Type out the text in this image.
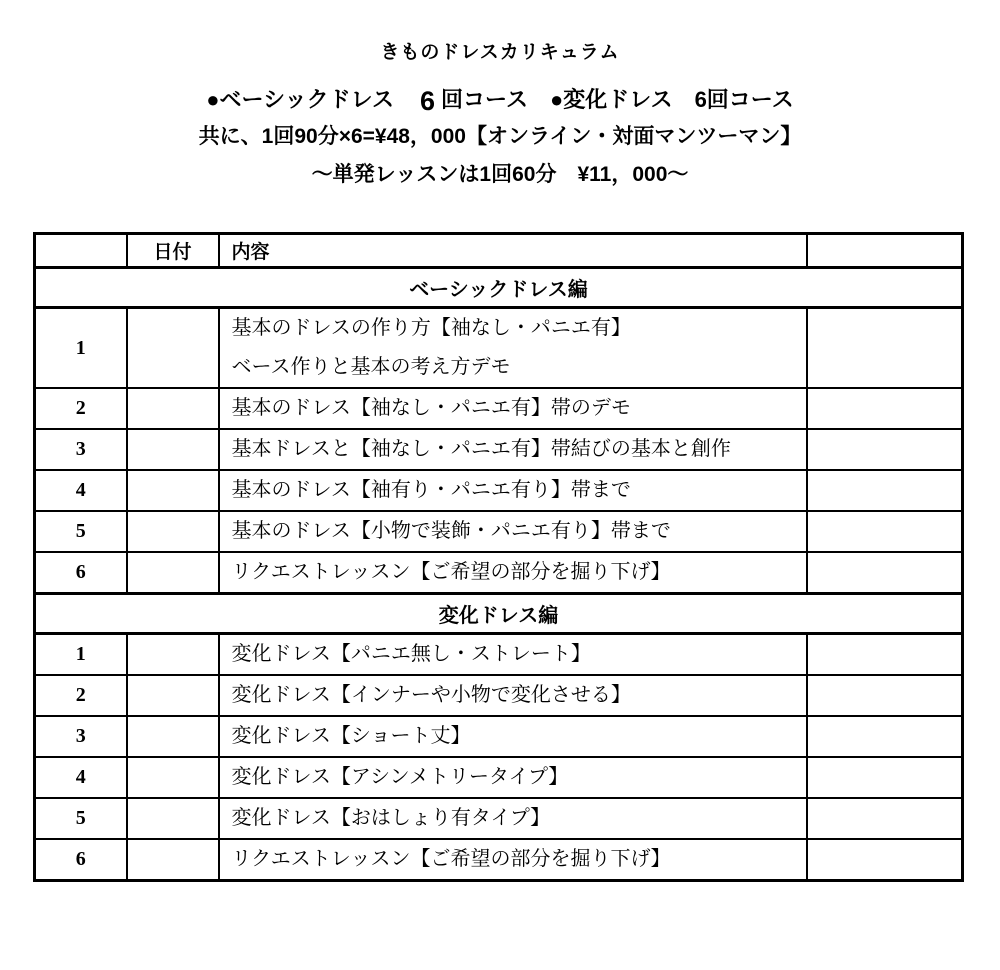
きものドレスカリキュラム
●ベーシックドレス　6 回コース　●変化ドレス　6回コース
共に、1回90分×6=¥48，000【オンライン・対面マンツーマン】
～単発レッスンは1回60分　¥11，000～
	日付	内容	
ベーシックドレス編			
1		基本のドレスの作り方【袖なし・パニエ有】
ベース作りと基本の考え方デモ	

2		基本のドレス【袖なし・パニエ有】帯のデモ	

3		基本ドレスと【袖なし・パニエ有】帯結びの基本と創作	

4		基本のドレス【袖有り・パニエ有り】帯まで	

5		基本のドレス【小物で装飾・パニエ有り】帯まで	

6		リクエストレッスン【ご希望の部分を掘り下げ】	

変化ドレス編			
1		変化ドレス【パニエ無し・ストレート】	

2		変化ドレス【インナーや小物で変化させる】	

3		変化ドレス【ショート丈】	

4		変化ドレス【アシンメトリータイプ】	

5		変化ドレス【おはしょり有タイプ】	

6		リクエストレッスン【ご希望の部分を掘り下げ】	
